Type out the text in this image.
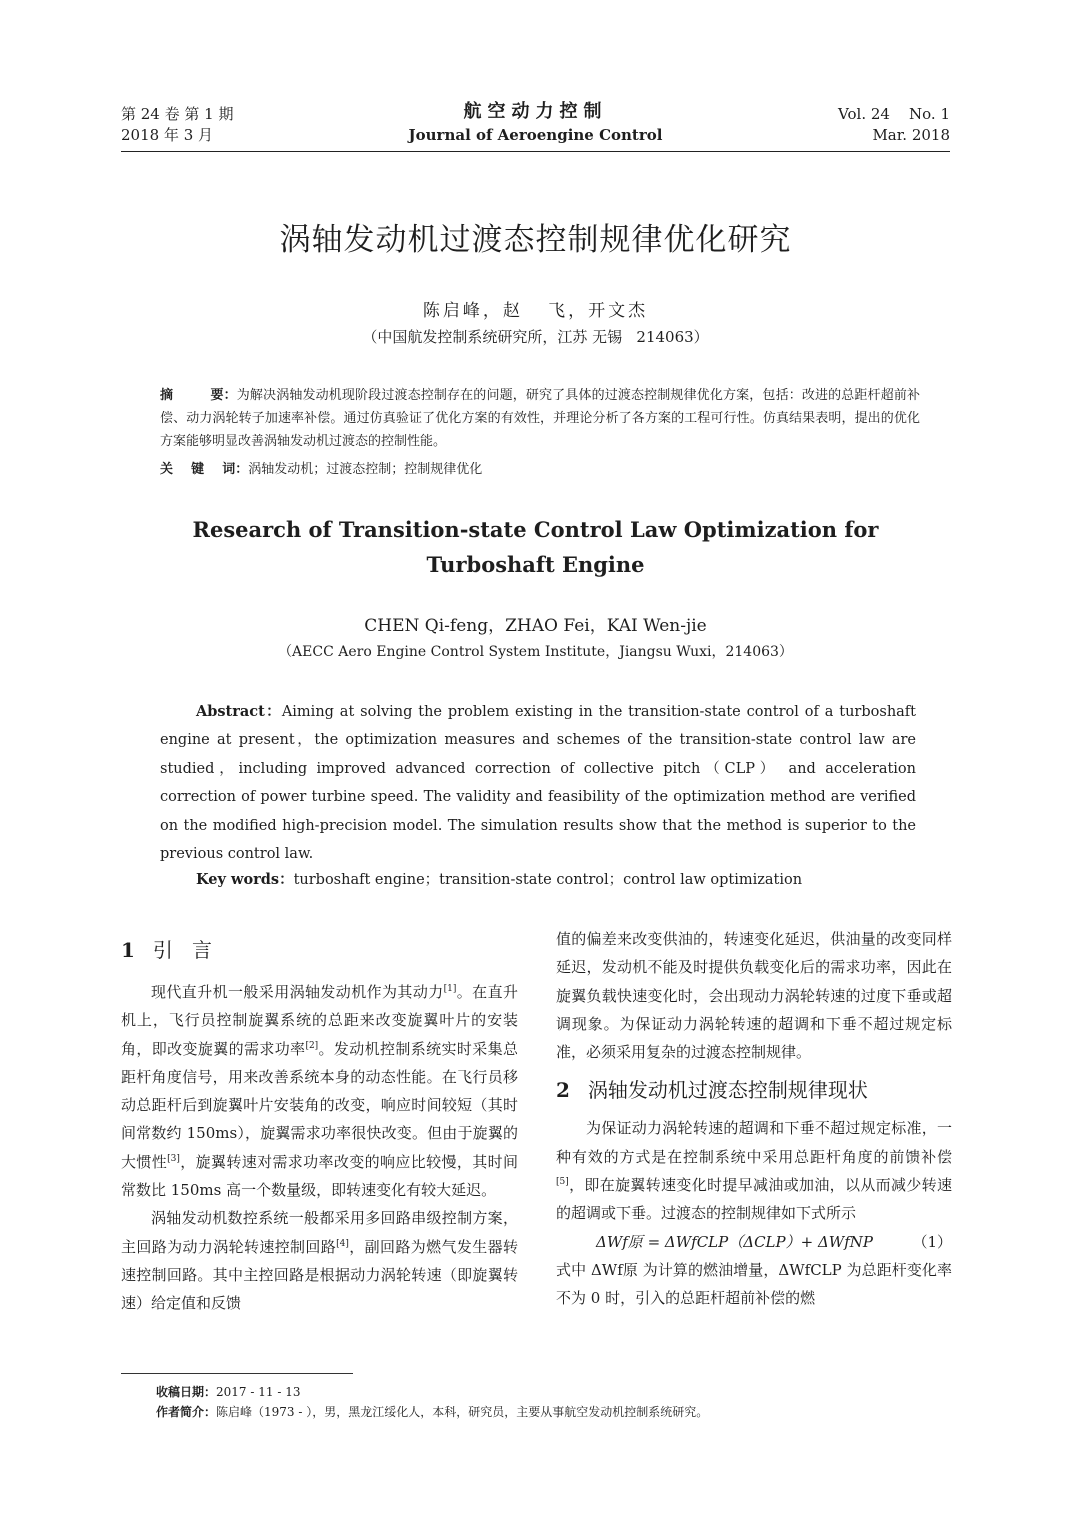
第 24 卷 第 1 期
2018 年 3 月
航空动力控制
Journal of Aeroengine Control
Vol. 24    No. 1
Mar. 2018
涡轴发动机过渡态控制规律优化研究
陈启峰，赵   飞，开文杰
（中国航发控制系统研究所，江苏 无锡   214063）
摘        要：为解决涡轴发动机现阶段过渡态控制存在的问题，研究了具体的过渡态控制规律优化方案，包括：改进的总距杆超前补偿、动力涡轮转子加速率补偿。通过仿真验证了优化方案的有效性，并理论分析了各方案的工程可行性。仿真结果表明，提出的优化方案能够明显改善涡轴发动机过渡态的控制性能。
关    键    词：涡轴发动机；过渡态控制；控制规律优化
Research of Transition-state Control Law Optimization for
Turboshaft Engine
CHEN Qi-feng，ZHAO Fei，KAI Wen-jie
（AECC Aero Engine Control System Institute，Jiangsu Wuxi，214063）
Abstract：Aiming at solving the problem existing in the transition-state control of a turboshaft engine at present，the optimization measures and schemes of the transition-state control law are studied，including improved advanced correction of collective pitch（CLP） and acceleration correction of power turbine speed. The validity and feasibility of the optimization method are verified on the modified high-precision model. The simulation results show that the method is superior to the previous control law.
Key words：turboshaft engine；transition-state control；control law optimization

1 引   言

现代直升机一般采用涡轴发动机作为其动力[1]。在直升机上，飞行员控制旋翼系统的总距来改变旋翼叶片的安装角，即改变旋翼的需求功率[2]。发动机控制系统实时采集总距杆角度信号，用来改善系统本身的动态性能。在飞行员移动总距杆后到旋翼叶片安装角的改变，响应时间较短（其时间常数约 150ms），旋翼需求功率很快改变。但由于旋翼的大惯性[3]，旋翼转速对需求功率改变的响应比较慢，其时间常数比 150ms 高一个数量级，即转速变化有较大延迟。

涡轴发动机数控系统一般都采用多回路串级控制方案，主回路为动力涡轮转速控制回路[4]，副回路为燃气发生器转速控制回路。其中主控回路是根据动力涡轮转速（即旋翼转速）给定值和反馈

值的偏差来改变供油的，转速变化延迟，供油量的改变同样延迟，发动机不能及时提供负载变化后的需求功率，因此在旋翼负载快速变化时，会出现动力涡轮转速的过度下垂或超调现象。为保证动力涡轮转速的超调和下垂不超过规定标准，必须采用复杂的过渡态控制规律。

2 涡轴发动机过渡态控制规律现状

为保证动力涡轮转速的超调和下垂不超过规定标准，一种有效的方式是在控制系统中采用总距杆角度的前馈补偿[5]，即在旋翼转速变化时提早减油或加油，以从而减少转速的超调或下垂。过渡态的控制规律如下式所示

ΔWf原 = ΔWfCLP（ΔCLP）+ ΔWfNP	（1）

式中 ΔWf原 为计算的燃油增量，ΔWfCLP 为总距杆变化率不为 0 时，引入的总距杆超前补偿的燃

收稿日期：2017 - 11 - 13
作者简介：陈启峰（1973 - ），男，黑龙江绥化人，本科，研究员，主要从事航空发动机控制系统研究。
